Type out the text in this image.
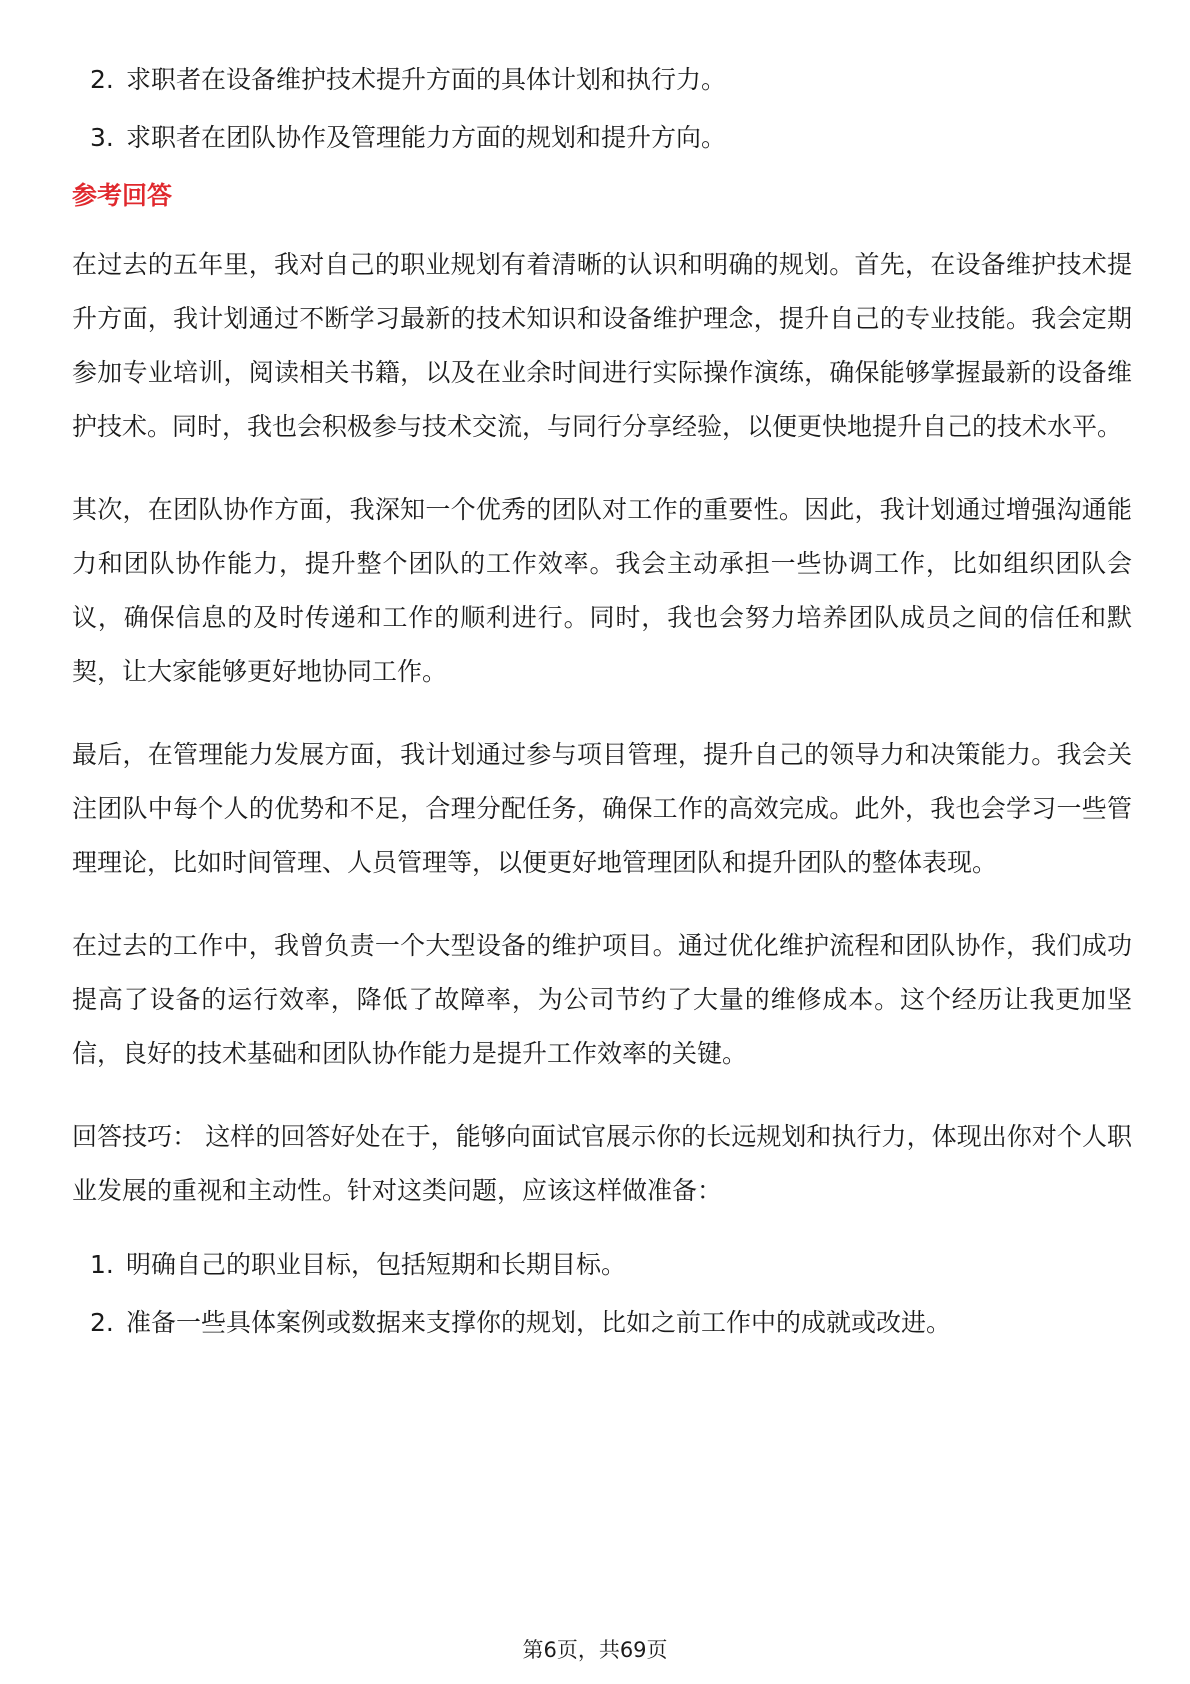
2. 求职者在设备维护技术提升方面的具体计划和执行力。
3. 求职者在团队协作及管理能力方面的规划和提升方向。
参考回答

在过去的五年里，我对自己的职业规划有着清晰的认识和明确的规划。首先，在设备维护技术提升方面，我计划通过不断学习最新的技术知识和设备维护理念，提升自己的专业技能。我会定期参加专业培训，阅读相关书籍，以及在业余时间进行实际操作演练，确保能够掌握最新的设备维护技术。同时，我也会积极参与技术交流，与同行分享经验，以便更快地提升自己的技术水平。

其次，在团队协作方面，我深知一个优秀的团队对工作的重要性。因此，我计划通过增强沟通能力和团队协作能力，提升整个团队的工作效率。我会主动承担一些协调工作，比如组织团队会议，确保信息的及时传递和工作的顺利进行。同时，我也会努力培养团队成员之间的信任和默契，让大家能够更好地协同工作。

最后，在管理能力发展方面，我计划通过参与项目管理，提升自己的领导力和决策能力。我会关注团队中每个人的优势和不足，合理分配任务，确保工作的高效完成。此外，我也会学习一些管理理论，比如时间管理、人员管理等，以便更好地管理团队和提升团队的整体表现。

在过去的工作中，我曾负责一个大型设备的维护项目。通过优化维护流程和团队协作，我们成功提高了设备的运行效率，降低了故障率，为公司节约了大量的维修成本。这个经历让我更加坚信，良好的技术基础和团队协作能力是提升工作效率的关键。

回答技巧： 这样的回答好处在于，能够向面试官展示你的长远规划和执行力，体现出你对个人职业发展的重视和主动性。针对这类问题，应该这样做准备：

1. 明确自己的职业目标，包括短期和长期目标。
2. 准备一些具体案例或数据来支撑你的规划，比如之前工作中的成就或改进。
第6页，共69页
